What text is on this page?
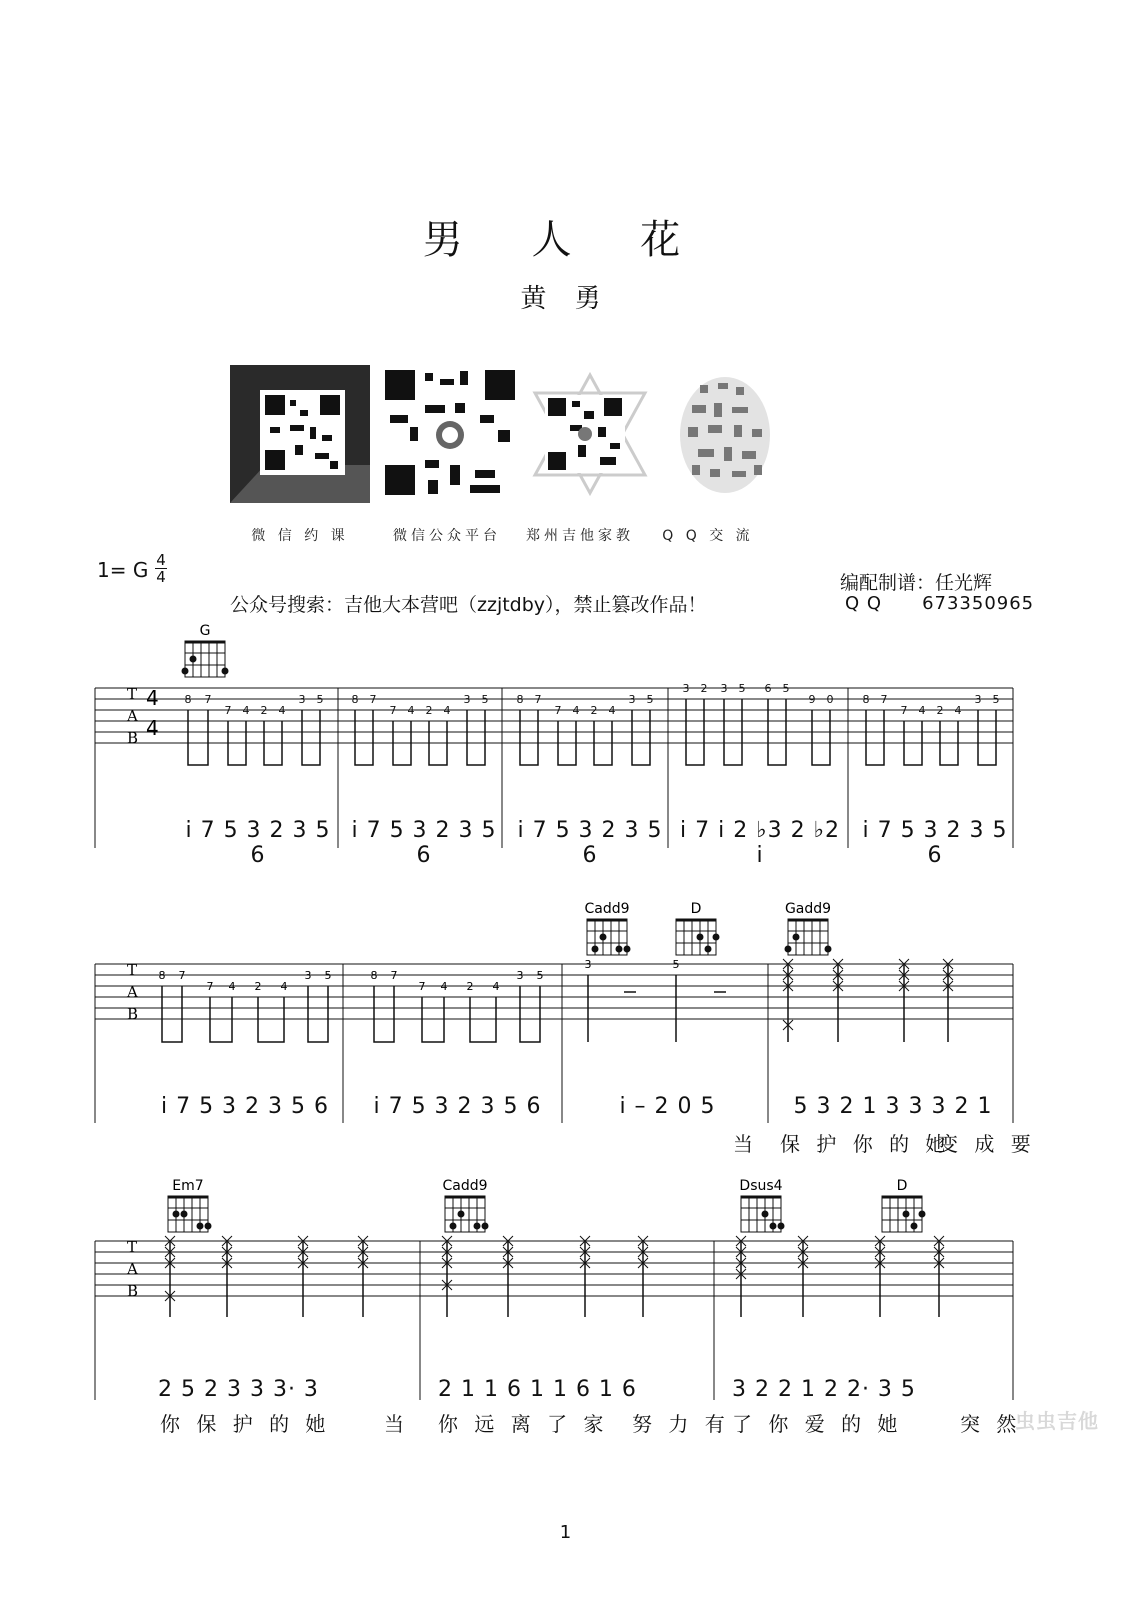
男 人 花
黄 勇
微 信 约 课	微信公众平台	郑州吉他家教	Q Q 交 流
1= G 4
4
公众号搜索：吉他大本营吧（zzjtdby），禁止篡改作品！
编配制谱：任光辉
Q Q 673350965
G
T
A
B
4
4
8 7
7 4 2 4
3 5	8 7
7 4 2 4
3 5	8 7
7 4 2 4
3 5
3 2 3 5 6 5
9 0	8 7
7 4 2 4
3 5
i 7 5 3 2 3 5 6
i 7 5 3 2 3 5 6
i 7 5 3 2 3 5 6
i 7 i 2 ♭3 2 ♭2 i
i 7 5 3 2 3 5 6
Cadd9	D	Gadd9
T
A
B
8 7
7 4 2 4
3 5	8 7
7 4 2 4
3 5
3	5
i 7 5 3 2 3 5 6	i 7 5 3 2 3 5 6	i – 2 0 5	5 3 2 1 3 3 3 2 1
当 保 护 你 的 她
变 成 要
Em7	Cadd9	Dsus4	D
T
A
B
2 5 2 3 3 3· 3	2 1 1 6 1 1 6 1 6	3 2 2 1 2 2· 3 5
你 保 护 的 她	当 你 远 离 了 家 努 力 有 了 你 爱 的 她	突 然
虫虫吉他
1
